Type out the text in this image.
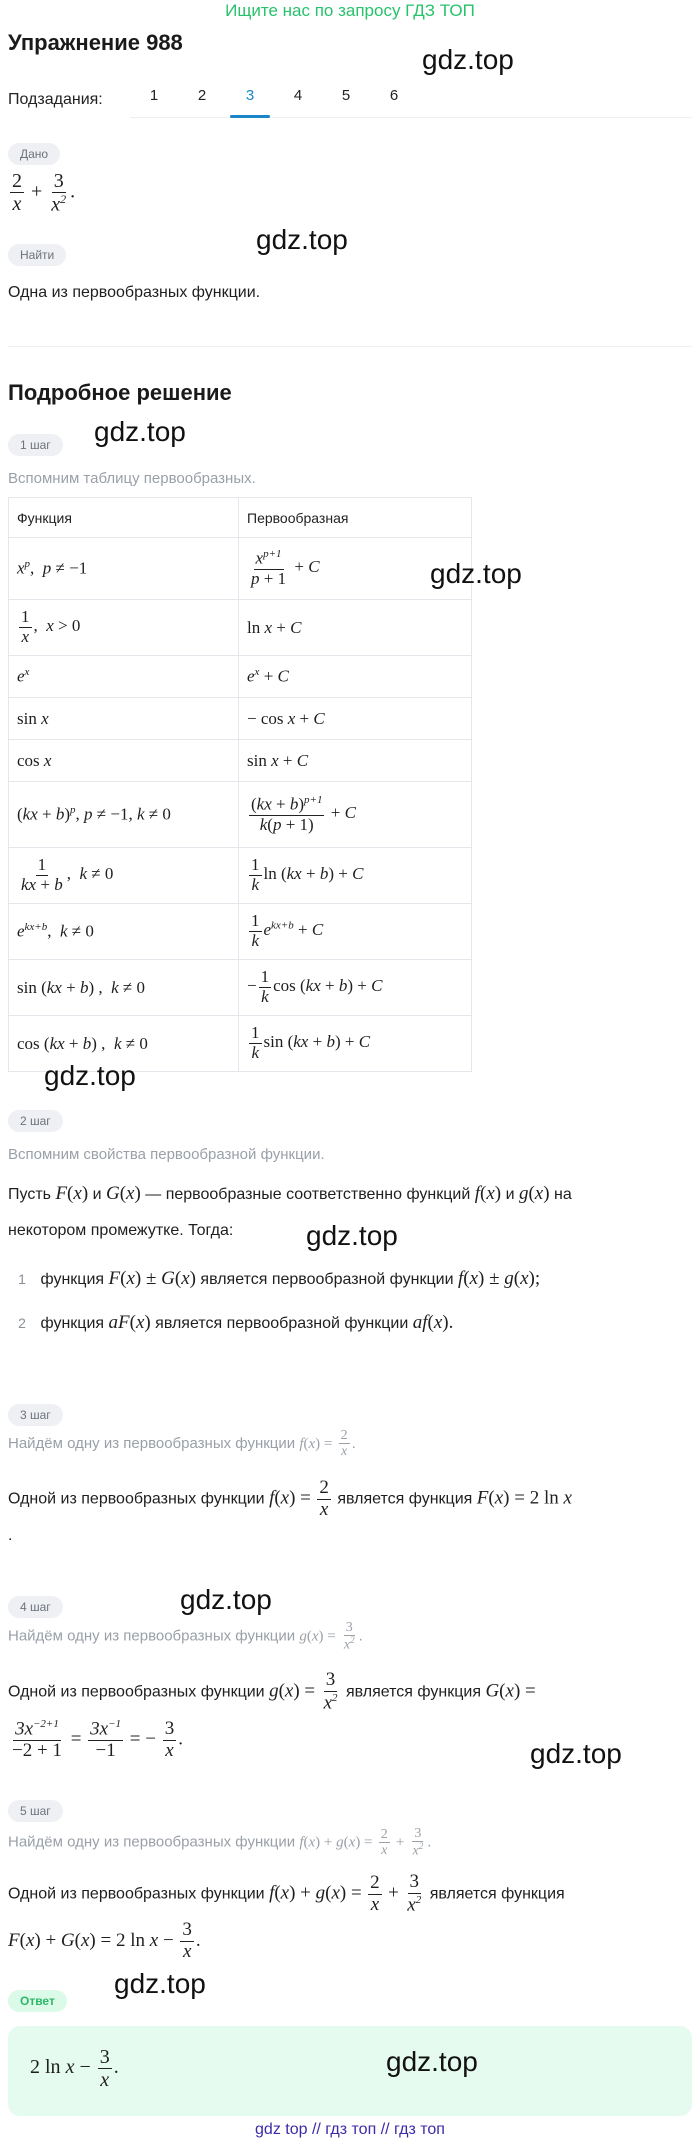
Ищите нас по запросу ГДЗ ТОП
Упражнение 988
Подзадания:	1	2	3	4	5	6
Дано
$\frac{2}{x} + \frac{3}{x^2}$ .
Найти
Одна из первообразных функции.
Подробное решение
1 шаг
Вспомним таблицу первообразных.
Функция	Первообразная
$x^p$,  p ≠ −1	$\frac{x^{p+1}}{p + 1} + C$

$\frac{1}{x}$ ,  x > 0	ln x + C
$e^x$	$e^x + C$
sin x	− cos x + C
cos x	sin x + C
(kx + b)$^p$, p ≠ −1, k ≠ 0	$\frac{(kx + b)^{p+1}}{k(p + 1)} + C$

$\frac{1}{kx + b}$ ,  k ≠ 0	$\frac{1}{k}$ ln (kx + b) + C
$e^{kx+b}$,  k ≠ 0	$\frac{1}{k} e^{kx+b} + C$
sin (kx + b) ,  k ≠ 0	− $\frac{1}{k}$ cos (kx + b) + C
cos (kx + b) ,  k ≠ 0	$\frac{1}{k}$ sin (kx + b) + C
2 шаг
Вспомним свойства первообразной функции.
Пусть F(x) и G(x) — первообразные соответственно функций f(x) и g(x) на
некотором промежутке. Тогда:
1 функция F(x) ± G(x) является первообразной функции f(x) ± g(x);
2 функция aF(x) является первообразной функции af(x).
3 шаг
Найдём одну из первообразных функции $f(x) = \frac{2}{x}$ .
Одной из первообразных функции $f(x) = \frac{2}{x}$ является функция F(x) = 2 ln x
.
4 шаг
Найдём одну из первообразных функции $g(x) = \frac{3}{x^2}$ .
Одной из первообразных функции $g(x) = \frac{3}{x^2}$ является функция G(x) =
$\frac{3x^{-2+1}}{-2 + 1} = \frac{3x^{-1}}{-1}$ = − $\frac{3}{x}$ .
5 шаг
Найдём одну из первообразных функции $f(x) + g(x) = \frac{2}{x} + \frac{3}{x^2}$ .
Одной из первообразных функции $f(x) + g(x) = \frac{2}{x} + \frac{3}{x^2}$ является функция
F(x) + G(x) = 2 $\ln x - \frac{3}{x}$ .
Ответ
2 $\ln x - \frac{3}{x}$ .
gdz.top
gdz.top
gdz.top
gdz.top
gdz.top
gdz.top
gdz.top
gdz.top
gdz.top
gdz.top
gdz top // гдз топ // гдз топ
